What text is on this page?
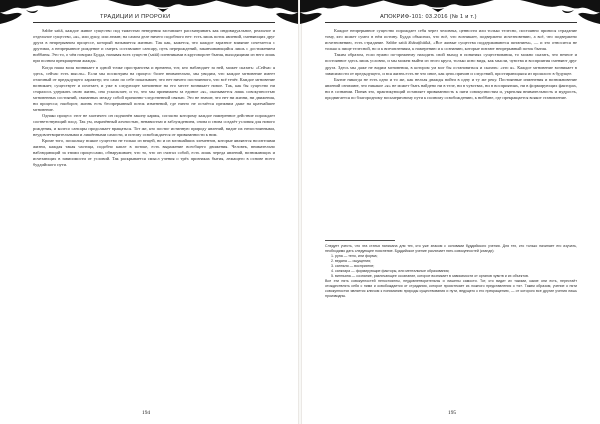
ТРАДИЦИИ И ПРОРОКИ

Sabbe sattā, каждое живое существо под тяжестью неведения заставляет рассматривать как индивидуальное, реальное и отдельное существо, «я», или душу, или атман; на самом деле ничего подобного нет: есть лишь поток явлений, сменяющих друг друга в непрерывном процессе, который называется жизнью. Так как, кажется, что каждое заразное влияние сочетается с другими, а непрерывное рождение и смерть составляют сансару, путь перерождений, заканчивающийся лишь с достижением ниббаны. Это то, о чём говорил Будда, называя всех существ (sattā) пленниками в круговороте бытия, выходящими из него лишь при полном прекращении жажды.

Когда наша воля возникает в одной точке пространства и времени, тот, кто наблюдает за ней, может сказать: «Сейчас я здесь, сейчас есть мысль». Если мы посмотрим на процесс более внимательно, мы увидим, что каждое мгновение имеет отличный от предыдущего характер; это само по себе показывает, что нет ничего постоянного, что всё течёт. Каждое мгновение возникает, существует и исчезает, и уже в следующее мгновение на его месте возникает новое. Так, как бы существо ни старалось удержать свою жизнь, она ускользает, и то, что мы принимаем за единое «я», оказывается лишь совокупностью мгновенных состояний, связанных между собой причинно-следственной связью. Это не значит, что нет ни жизни, ни движения, ни процесса; наоборот, жизнь есть беспрерывный поток изменений, где ничто не остаётся прежним даже на кратчайшее мгновение.

Однако процесс этот не хаотичен: он подчинён закону кармы, согласно которому каждое намеренное действие порождает соответствующий плод. Так ум, омрачённый алчностью, ненавистью и заблуждением, снова и снова создаёт условия для нового рождения, и колесо сансары продолжает вращаться. Тот же, кто постиг истинную природу явлений, видит их непостоянными, неудовлетворительными и лишёнными самости, и потому освобождается от привязанности к ним.

Кроме того, поскольку всякое существо не только из вещей, но и из мельчайших элементов, которые являются носителями жизни, каждая такая частица, подобно капле в потоке, есть выражение всеобщего движения. Человек, внимательно наблюдающий за этими процессами, обнаруживает, что то, что он считал собой, есть лишь череда явлений, возникающих и исчезающих в зависимости от условий. Так раскрывается смысл учения о трёх признаках бытия, лежащего в основе всего буддийского пути.

194
АПОКРИФ-101: 03.2016 (№ 1 и т.)

Каждое непрерывное существо порождает себя через человека, ценности или только телесно, постоянно принося страдание тому, кто может сумел в нём истину. Будда объяснил, что всё, что возникает, подвержено исчезновению, а всё, что подвержено исчезновению, есть страдание. Sabbe sattā āhāraṭṭhitikā, «Все живые существа поддерживаются питанием», — и это относится не только к пище телесной, но и к впечатлениям, к намерению и к сознанию, которые питают непрерывный поток бытия.

Таким образом, если нужно по-прежнему находить свой выход в понятиях существования, то можно сказать, что вечное и постоянное здесь лишь условно, и мы можем выйти из этого круга, только ясно видя, как мысли, чувства и восприятия сменяют друг друга. Здесь мы даже не видим мгновения, в котором ум мог бы остановиться и сказать: «это я». Каждое мгновение возникает в зависимости от предыдущего, и вся жизнь есть не что иное, как цепь причин и следствий, простирающаяся из прошлого в будущее.

Бытие никогда не есть одно и то же, как нельзя дважды войти в одну и ту же реку. Постоянные изменения и возникновение явлений означают, что никакое «я» не может быть найдено ни в теле, ни в чувствах, ни в восприятиях, ни в формирующих факторах, ни в сознании. Поняв это, практикующий оставляет привязанность к пяти совокупностям и, укрепляя внимательность и мудрость, продвигается по благородному восьмеричному пути к полному освобождению, к ниббане, где прекращается всякое становление.

Следует учесть, что эта статья написана для тех, кто уже знаком с основами буддийского учения. Для тех, кто только начинает его изучать, необходимо дать следующее пояснение. Буддийское учение различает пять совокупностей (кхандх):

1. рупа — тело, или форма;
2. ведана — ощущения;
3. санньня — восприятие;
4. санкхара — формирующие факторы, или ментальные образования;
5. винньяна — сознание, различающее осознание, которое возникает в зависимости от органов чувств и их объектов.

Все эти пять совокупностей непостоянны, неудовлетворительны и лишены самости. Тот, кто видит их такими, какие они есть, перестаёт отождествлять себя с ними и освобождается от страдания, которое проистекает из ложного представления о «я». Таким образом, учение о пяти совокупностях является ключом к пониманию природы существования и пути, ведущего к его прекращению, — от которого все другие учения лишь производны.

195
